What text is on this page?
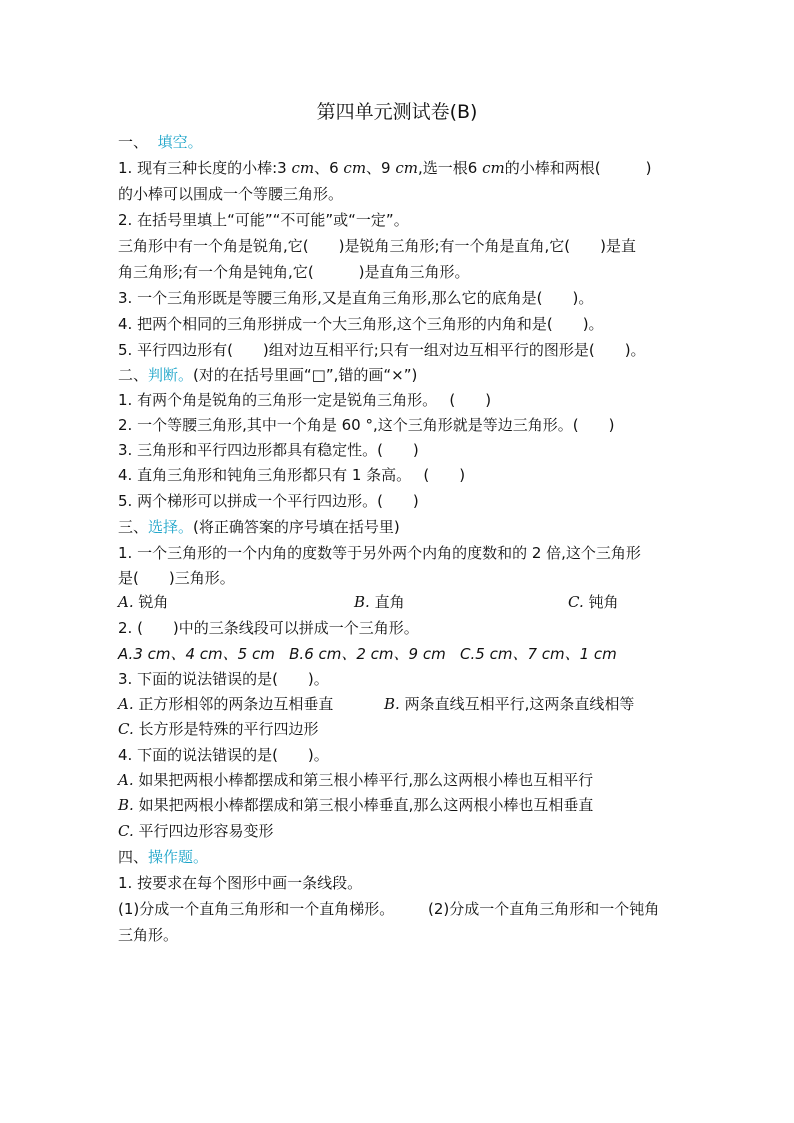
第四单元测试卷(B)
一、 填空。
1. 现有三种长度的小棒:3 cm、6 cm、9 cm,选一根6 cm的小棒和两根(　　　)
的小棒可以围成一个等腰三角形。
2. 在括号里填上“可能”“不可能”或“一定”。
三角形中有一个角是锐角,它(　　)是锐角三角形;有一个角是直角,它(　　)是直
角三角形;有一个角是钝角,它(　　　)是直角三角形。
3. 一个三角形既是等腰三角形,又是直角三角形,那么它的底角是(　　)。
4. 把两个相同的三角形拼成一个大三角形,这个三角形的内角和是(　　)。
5. 平行四边形有(　　)组对边互相平行;只有一组对边互相平行的图形是(　　)。
二、判断。(对的在括号里画“□”,错的画“×”)
1. 有两个角是锐角的三角形一定是锐角三角形。　 (　　)
2. 一个等腰三角形,其中一个角是 60 °,这个三角形就是等边三角形。(　　)
3. 三角形和平行四边形都具有稳定性。(　　)
4. 直角三角形和钝角三角形都只有 1 条高。　 (　　)
5. 两个梯形可以拼成一个平行四边形。(　　)
三、选择。(将正确答案的序号填在括号里)
1. 一个三角形的一个内角的度数等于另外两个内角的度数和的 2 倍,这个三角形
是(　　)三角形。
A. 锐角	B. 直角	C. 钝角
2. (　　)中的三条线段可以拼成一个三角形。
A.3 cm、4 cm、5 cm B.6 cm、2 cm、9 cm C.5 cm、7 cm、1 cm
3. 下面的说法错误的是(　　)。
A. 正方形相邻的两条边互相垂直	B. 两条直线互相平行,这两条直线相等
C. 长方形是特殊的平行四边形
4. 下面的说法错误的是(　　)。
A. 如果把两根小棒都摆成和第三根小棒平行,那么这两根小棒也互相平行
B. 如果把两根小棒都摆成和第三根小棒垂直,那么这两根小棒也互相垂直
C. 平行四边形容易变形
四、操作题。
1. 按要求在每个图形中画一条线段。
(1)分成一个直角三角形和一个直角梯形。 (2)分成一个直角三角形和一个钝角
三角形。
